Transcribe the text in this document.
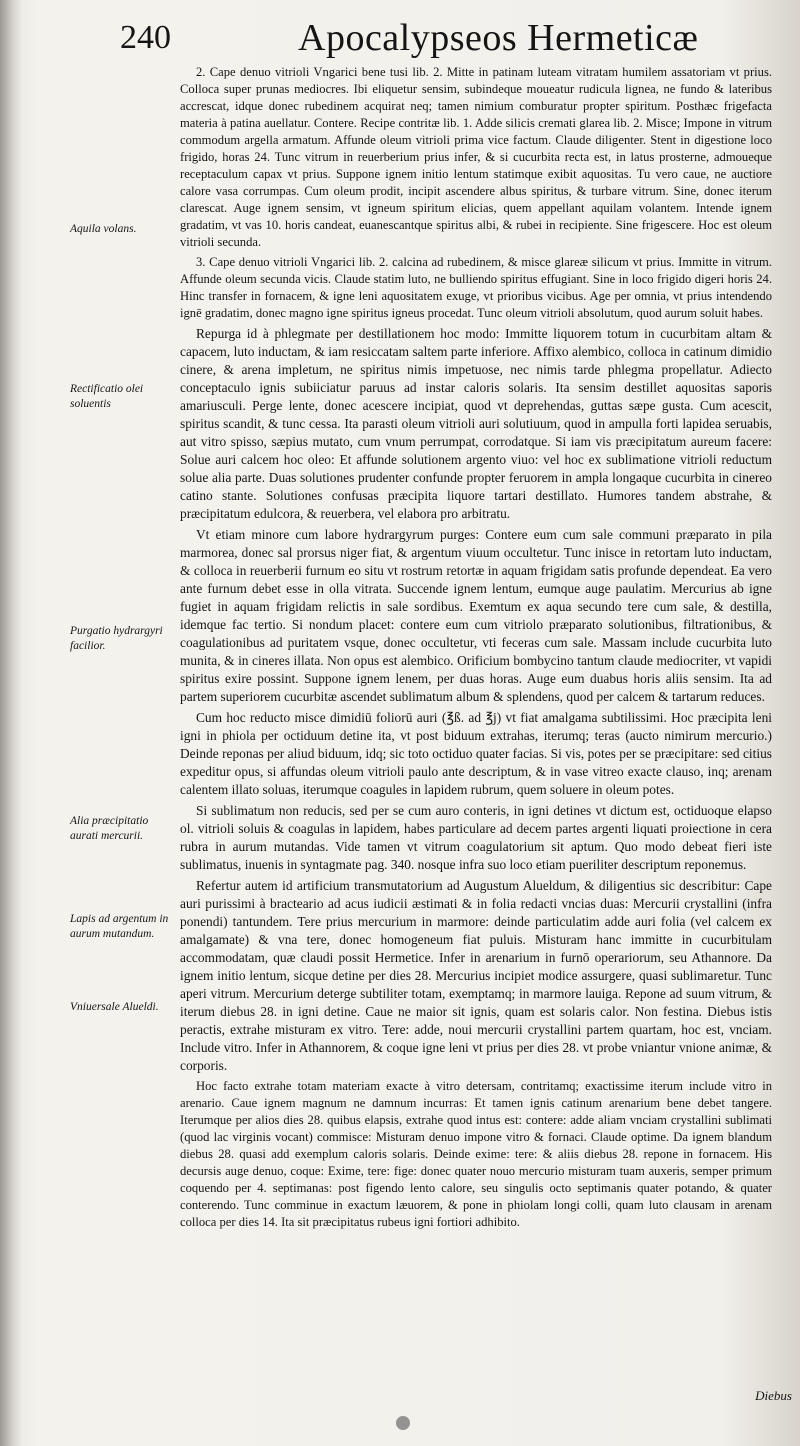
240	Apocalypseos Hermeticæ
Aquila volans.
Rectificatio olei soluentis
Purgatio hydrargyri facilior.
Alia præcipitatio aurati mercurii.
Lapis ad argentum in aurum mutandum.
Vniuersale Alueldi.

2. Cape denuo vitrioli Vngarici bene tusi lib. 2. Mitte in patinam luteam vitratam humilem assatoriam vt prius. Colloca super prunas mediocres. Ibi eliquetur sensim, subindeque moueatur rudicula lignea, ne fundo & lateribus accrescat, idque donec rubedinem acquirat neq; tamen nimium comburatur propter spiritum. Posthæc frigefacta materia à patina auellatur. Contere. Recipe contritæ lib. 1. Adde silicis cremati glarea lib. 2. Misce; Impone in vitrum commodum argella armatum. Affunde oleum vitrioli prima vice factum. Claude diligenter. Stent in digestione loco frigido, horas 24. Tunc vitrum in reuerberium prius infer, & si cucurbita recta est, in latus prosterne, admoueque receptaculum capax vt prius. Suppone ignem initio lentum statimque exibit aquositas. Tu vero caue, ne auctiore calore vasa corrumpas. Cum oleum prodit, incipit ascendere albus spiritus, & turbare vitrum. Sine, donec iterum clarescat. Auge ignem sensim, vt igneum spiritum elicias, quem appellant aquilam volantem. Intende ignem gradatim, vt vas 10. horis candeat, euanescantque spiritus albi, & rubei in recipiente. Sine frigescere. Hoc est oleum vitrioli secunda.

3. Cape denuo vitrioli Vngarici lib. 2. calcina ad rubedinem, & misce glareæ silicum vt prius. Immitte in vitrum. Affunde oleum secunda vicis. Claude statim luto, ne bulliendo spiritus effugiant. Sine in loco frigido digeri horis 24. Hinc transfer in fornacem, & igne leni aquositatem exuge, vt prioribus vicibus. Age per omnia, vt prius intendendo ignē gradatim, donec magno igne spiritus igneus procedat. Tunc oleum vitrioli absolutum, quod aurum soluit habes.

Repurga id à phlegmate per destillationem hoc modo: Immitte liquorem totum in cucurbitam altam & capacem, luto inductam, & iam resiccatam saltem parte inferiore. Affixo alembico, colloca in catinum dimidio cinere, & arena impletum, ne spiritus nimis impetuose, nec nimis tarde phlegma propellatur. Adiecto conceptaculo ignis subiiciatur paruus ad instar caloris solaris. Ita sensim destillet aquositas saporis amariusculi. Perge lente, donec acescere incipiat, quod vt deprehendas, guttas sæpe gusta. Cum acescit, spiritus scandit, & tunc cessa. Ita parasti oleum vitrioli auri solutiuum, quod in ampulla forti lapidea seruabis, aut vitro spisso, sæpius mutato, cum vnum perrumpat, corrodatque. Si iam vis præcipitatum aureum facere: Solue auri calcem hoc oleo: Et affunde solutionem argento viuo: vel hoc ex sublimatione vitrioli reductum solue alia parte. Duas solutiones prudenter confunde propter feruorem in ampla longaque cucurbita in cinereo catino stante. Solutiones confusas præcipita liquore tartari destillato. Humores tandem abstrahe, & præcipitatum edulcora, & reuerbera, vel elabora pro arbitratu.

Vt etiam minore cum labore hydrargyrum purges: Contere eum cum sale communi præparato in pila marmorea, donec sal prorsus niger fiat, & argentum viuum occultetur. Tunc inisce in retortam luto inductam, & colloca in reuerberii furnum eo situ vt rostrum retortæ in aquam frigidam satis profunde dependeat. Ea vero ante furnum debet esse in olla vitrata. Succende ignem lentum, eumque auge paulatim. Mercurius ab igne fugiet in aquam frigidam relictis in sale sordibus. Exemtum ex aqua secundo tere cum sale, & destilla, idemque fac tertio. Si nondum placet: contere eum cum vitriolo præparato solutionibus, filtrationibus, & coagulationibus ad puritatem vsque, donec occultetur, vti feceras cum sale. Massam include cucurbita luto munita, & in cineres illata. Non opus est alembico. Orificium bombycino tantum claude mediocriter, vt vapidi spiritus exire possint. Suppone ignem lenem, per duas horas. Auge eum duabus horis aliis sensim. Ita ad partem superiorem cucurbitæ ascendet sublimatum album & splendens, quod per calcem & tartarum reduces.

Cum hoc reducto misce dimidiū foliorū auri (℥ß. ad ℥j) vt fiat amalgama subtilissimi. Hoc præcipita leni igni in phiola per octiduum detine ita, vt post biduum extrahas, iterumq; teras (aucto nimirum mercurio.) Deinde reponas per aliud biduum, idq; sic toto octiduo quater facias. Si vis, potes per se præcipitare: sed citius expeditur opus, si affundas oleum vitrioli paulo ante descriptum, & in vase vitreo exacte clauso, inq; arenam calentem illato soluas, iterumque coagules in lapidem rubrum, quem soluere in oleum potes.

Si sublimatum non reducis, sed per se cum auro conteris, in igni detines vt dictum est, octiduoque elapso ol. vitrioli soluis & coagulas in lapidem, habes particulare ad decem partes argenti liquati proiectione in cera rubra in aurum mutandas. Vide tamen vt vitrum coagulatorium sit aptum. Quo modo debeat fieri iste sublimatus, inuenis in syntagmate pag. 340. nosque infra suo loco etiam pueriliter descriptum reponemus.

Refertur autem id artificium transmutatorium ad Augustum Alueldum, & diligentius sic describitur: Cape auri purissimi à bracteario ad acus iudicii æstimati & in folia redacti vncias duas: Mercurii crystallini (infra ponendi) tantundem. Tere prius mercurium in marmore: deinde particulatim adde auri folia (vel calcem ex amalgamate) & vna tere, donec homogeneum fiat puluis. Misturam hanc immitte in cucurbitulam accommodatam, quæ claudi possit Hermetice. Infer in arenarium in furnō operariorum, seu Athannore. Da ignem initio lentum, sicque detine per dies 28. Mercurius incipiet modice assurgere, quasi sublimaretur. Tunc aperi vitrum. Mercurium deterge subtiliter totam, exemptamq; in marmore lauiga. Repone ad suum vitrum, & iterum diebus 28. in igni detine. Caue ne maior sit ignis, quam est solaris calor. Non festina. Diebus istis peractis, extrahe misturam ex vitro. Tere: adde, noui mercurii crystallini partem quartam, hoc est, vnciam. Include vitro. Infer in Athannorem, & coque igne leni vt prius per dies 28. vt probe vniantur vnione animæ, & corporis.

Hoc facto extrahe totam materiam exacte à vitro detersam, contritamq; exactissime iterum include vitro in arenario. Caue ignem magnum ne damnum incurras: Et tamen ignis catinum arenarium bene debet tangere. Iterumque per alios dies 28. quibus elapsis, extrahe quod intus est: contere: adde aliam vnciam crystallini sublimati (quod lac virginis vocant) commisce: Misturam denuo impone vitro & fornaci. Claude optime. Da ignem blandum diebus 28. quasi add exemplum caloris solaris. Deinde exime: tere: & aliis diebus 28. repone in fornacem. His decursis auge denuo, coque: Exime, tere: fige: donec quater nouo mercurio misturam tuam auxeris, semper primum coquendo per 4. septimanas: post figendo lento calore, seu singulis octo septimanis quater potando, & quater conterendo. Tunc comminue in exactum læuorem, & pone in phiolam longi colli, quam luto clausam in arenam colloca per dies 14. Ita sit præcipitatus rubeus igni fortiori adhibito.

Diebus
